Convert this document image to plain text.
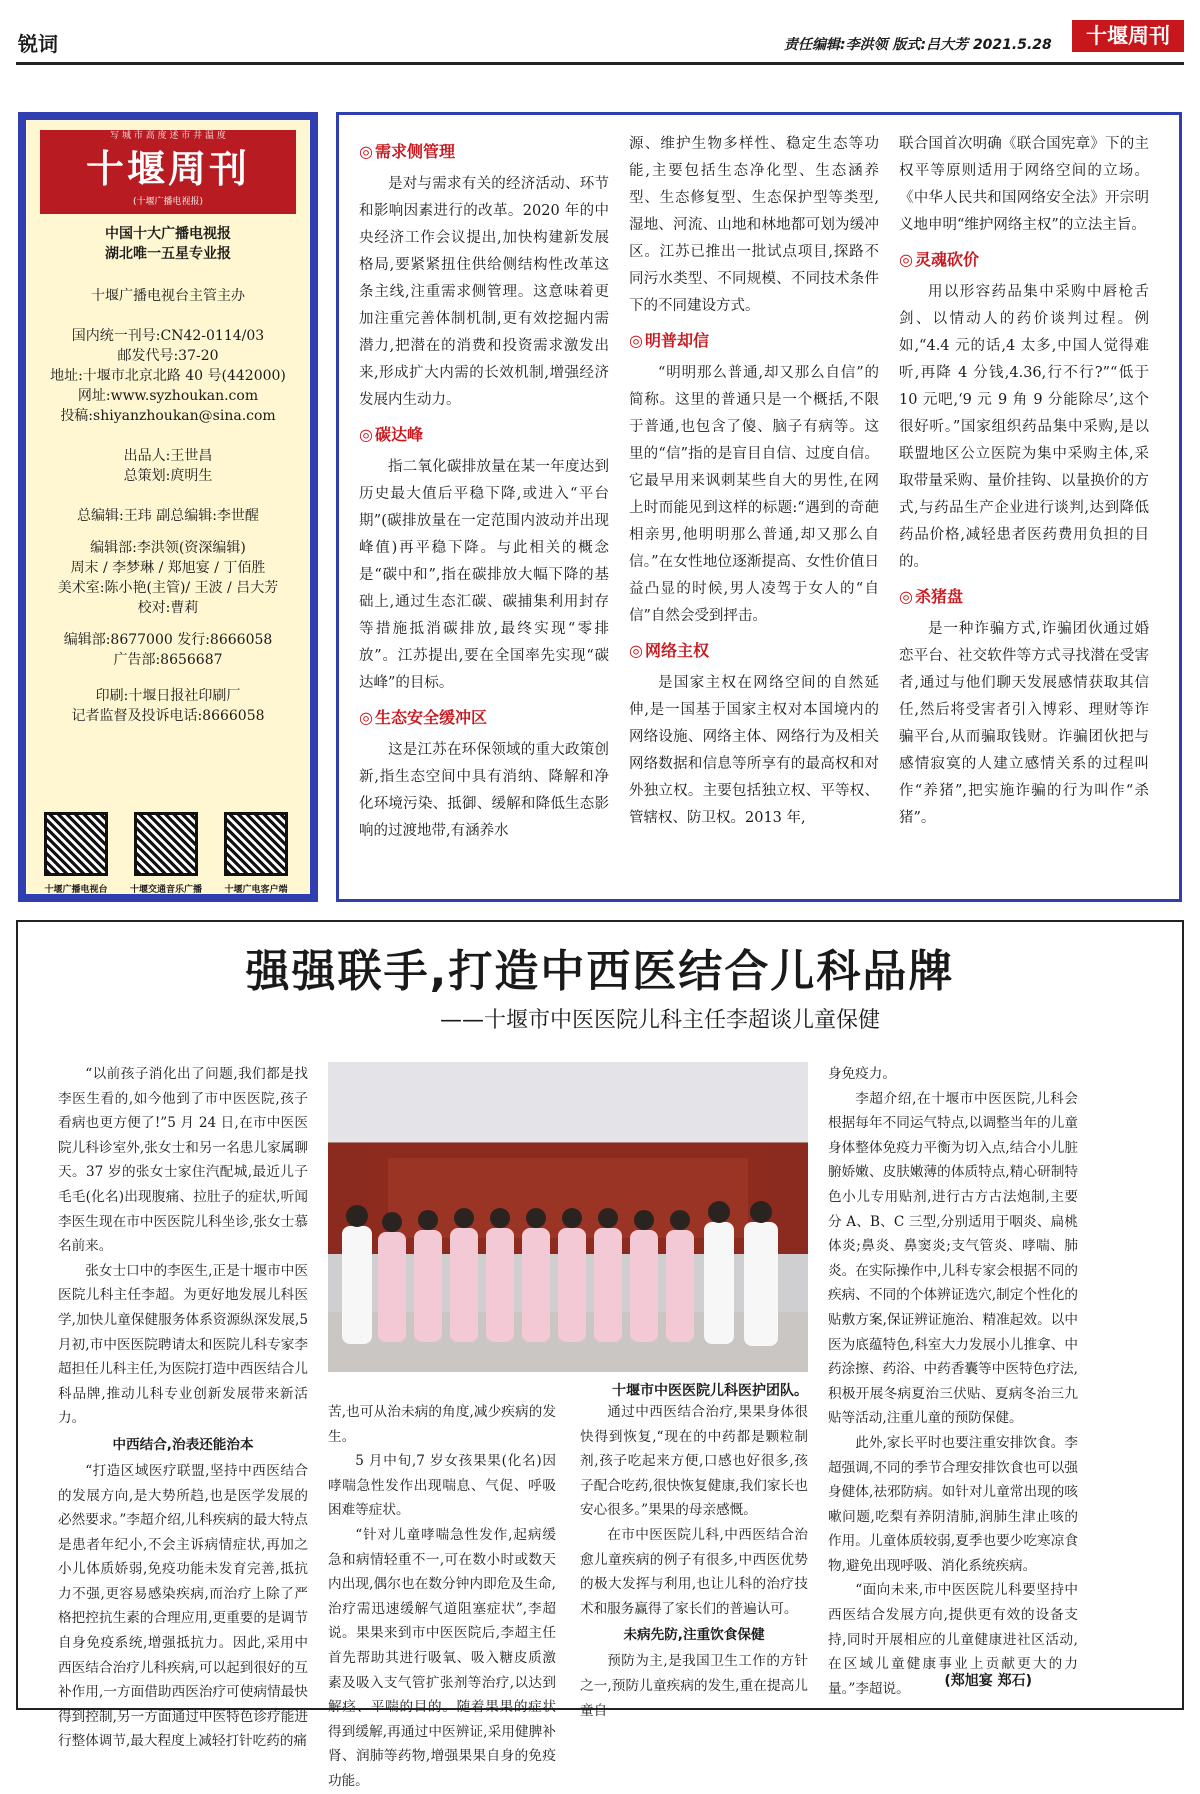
锐词	责任编辑:李洪领 版式:吕大芳 2021.5.28	十堰周刊
写 城 市 高 度 述 市 井 温 度
十堰周刊
(十堰广播电视报)
中国十大广播电视报
湖北唯一五星专业报
十堰广播电视台主管主办
国内统一刊号:CN42-0114/03
邮发代号:37-20
地址:十堰市北京北路 40 号(442000)
网址:www.syzhoukan.com
投稿:shiyanzhoukan@sina.com
出品人:王世昌
总策划:庹明生
总编辑:王玮 副总编辑:李世醒
编辑部:李洪领(资深编辑)
周末 / 李梦琳 / 郑旭宴 / 丁佰胜
美术室:陈小艳(主管)/ 王波 / 吕大芳
校对:曹莉
编辑部:8677000 发行:8666058
广告部:8656687
印刷:十堰日报社印刷厂
记者监督及投诉电话:8666058
十堰广播电视台	十堰交通音乐广播	十堰广电客户端
◎ 需求侧管理

是对与需求有关的经济活动、环节和影响因素进行的改革。2020 年的中央经济工作会议提出,加快构建新发展格局,要紧紧扭住供给侧结构性改革这条主线,注重需求侧管理。这意味着更加注重完善体制机制,更有效挖掘内需潜力,把潜在的消费和投资需求激发出来,形成扩大内需的长效机制,增强经济发展内生动力。

◎ 碳达峰

指二氧化碳排放量在某一年度达到历史最大值后平稳下降,或进入“平台期”(碳排放量在一定范围内波动并出现峰值)再平稳下降。与此相关的概念是“碳中和”,指在碳排放大幅下降的基础上,通过生态汇碳、碳捕集利用封存等措施抵消碳排放,最终实现“零排放”。江苏提出,要在全国率先实现“碳达峰”的目标。

◎ 生态安全缓冲区

这是江苏在环保领域的重大政策创新,指生态空间中具有消纳、降解和净化环境污染、抵御、缓解和降低生态影响的过渡地带,有涵养水

源、维护生物多样性、稳定生态等功能,主要包括生态净化型、生态涵养型、生态修复型、生态保护型等类型,湿地、河流、山地和林地都可划为缓冲区。江苏已推出一批试点项目,探路不同污水类型、不同规模、不同技术条件下的不同建设方式。

◎ 明普却信

“明明那么普通,却又那么自信”的简称。这里的普通只是一个概括,不限于普通,也包含了傻、脑子有病等。这里的“信”指的是盲目自信、过度自信。它最早用来讽刺某些自大的男性,在网上时而能见到这样的标题:“遇到的奇葩相亲男,他明明那么普通,却又那么自信。”在女性地位逐渐提高、女性价值日益凸显的时候,男人凌驾于女人的“自信”自然会受到抨击。

◎ 网络主权

是国家主权在网络空间的自然延伸,是一国基于国家主权对本国境内的网络设施、网络主体、网络行为及相关网络数据和信息等所享有的最高权和对外独立权。主要包括独立权、平等权、管辖权、防卫权。2013 年,

联合国首次明确《联合国宪章》下的主权平等原则适用于网络空间的立场。《中华人民共和国网络安全法》开宗明义地申明“维护网络主权”的立法主旨。

◎ 灵魂砍价

用以形容药品集中采购中唇枪舌剑、以情动人的药价谈判过程。例如,“4.4 元的话,4 太多,中国人觉得难听,再降 4 分钱,4.36,行不行?”“低于 10 元吧,‘9 元 9 角 9 分能除尽’,这个很好听。”国家组织药品集中采购,是以联盟地区公立医院为集中采购主体,采取带量采购、量价挂钩、以量换价的方式,与药品生产企业进行谈判,达到降低药品价格,减轻患者医药费用负担的目的。

◎ 杀猪盘

是一种诈骗方式,诈骗团伙通过婚恋平台、社交软件等方式寻找潜在受害者,通过与他们聊天发展感情获取其信任,然后将受害者引入博彩、理财等诈骗平台,从而骗取钱财。诈骗团伙把与感情寂寞的人建立感情关系的过程叫作“养猪”,把实施诈骗的行为叫作“杀猪”。

强强联手,打造中西医结合儿科品牌
——十堰市中医医院儿科主任李超谈儿童保健

“以前孩子消化出了问题,我们都是找李医生看的,如今他到了市中医医院,孩子看病也更方便了!”5 月 24 日,在市中医医院儿科诊室外,张女士和另一名患儿家属聊天。37 岁的张女士家住汽配城,最近儿子毛毛(化名)出现腹痛、拉肚子的症状,听闻李医生现在市中医医院儿科坐诊,张女士慕名前来。

张女士口中的李医生,正是十堰市中医医院儿科主任李超。为更好地发展儿科医学,加快儿童保健服务体系资源纵深发展,5 月初,市中医医院聘请太和医院儿科专家李超担任儿科主任,为医院打造中西医结合儿科品牌,推动儿科专业创新发展带来新活力。

中西结合,治表还能治本

“打造区域医疗联盟,坚持中西医结合的发展方向,是大势所趋,也是医学发展的必然要求。”李超介绍,儿科疾病的最大特点是患者年纪小,不会主诉病情症状,再加之小儿体质娇弱,免疫功能未发育完善,抵抗力不强,更容易感染疾病,而治疗上除了严格把控抗生素的合理应用,更重要的是调节自身免疫系统,增强抵抗力。因此,采用中西医结合治疗儿科疾病,可以起到很好的互补作用,一方面借助西医治疗可使病情最快得到控制,另一方面通过中医特色诊疗能进行整体调节,最大程度上减轻打针吃药的痛

十堰市中医医院儿科医护团队。

苦,也可从治未病的角度,减少疾病的发生。

5 月中旬,7 岁女孩果果(化名)因哮喘急性发作出现喘息、气促、呼吸困难等症状。

“针对儿童哮喘急性发作,起病缓急和病情轻重不一,可在数小时或数天内出现,偶尔也在数分钟内即危及生命,治疗需迅速缓解气道阻塞症状”,李超说。果果来到市中医医院后,李超主任首先帮助其进行吸氧、吸入糖皮质激素及吸入支气管扩张剂等治疗,以达到解痉、平喘的目的。随着果果的症状得到缓解,再通过中医辨证,采用健脾补肾、润肺等药物,增强果果自身的免疫功能。

通过中西医结合治疗,果果身体很快得到恢复,“现在的中药都是颗粒制剂,孩子吃起来方便,口感也好很多,孩子配合吃药,很快恢复健康,我们家长也安心很多。”果果的母亲感慨。

在市中医医院儿科,中西医结合治愈儿童疾病的例子有很多,中西医优势的极大发挥与利用,也让儿科的治疗技术和服务赢得了家长们的普遍认可。

未病先防,注重饮食保健

预防为主,是我国卫生工作的方针之一,预防儿童疾病的发生,重在提高儿童自

身免疫力。

李超介绍,在十堰市中医医院,儿科会根据每年不同运气特点,以调整当年的儿童身体整体免疫力平衡为切入点,结合小儿脏腑娇嫩、皮肤嫩薄的体质特点,精心研制特色小儿专用贴剂,进行古方古法炮制,主要分 A、B、C 三型,分别适用于咽炎、扁桃体炎;鼻炎、鼻窦炎;支气管炎、哮喘、肺炎。在实际操作中,儿科专家会根据不同的疾病、不同的个体辨证选穴,制定个性化的贴敷方案,保证辨证施治、精准起效。以中医为底蕴特色,科室大力发展小儿推拿、中药涂擦、药浴、中药香囊等中医特色疗法,积极开展冬病夏治三伏贴、夏病冬治三九贴等活动,注重儿童的预防保健。

此外,家长平时也要注重安排饮食。李超强调,不同的季节合理安排饮食也可以强身健体,祛邪防病。如针对儿童常出现的咳嗽问题,吃梨有养阴清肺,润肺生津止咳的作用。儿童体质较弱,夏季也要少吃寒凉食物,避免出现呼吸、消化系统疾病。

“面向未来,市中医医院儿科要坚持中西医结合发展方向,提供更有效的设备支持,同时开展相应的儿童健康进社区活动,在区域儿童健康事业上贡献更大的力量。”李超说。	(郑旭宴 郑石)
